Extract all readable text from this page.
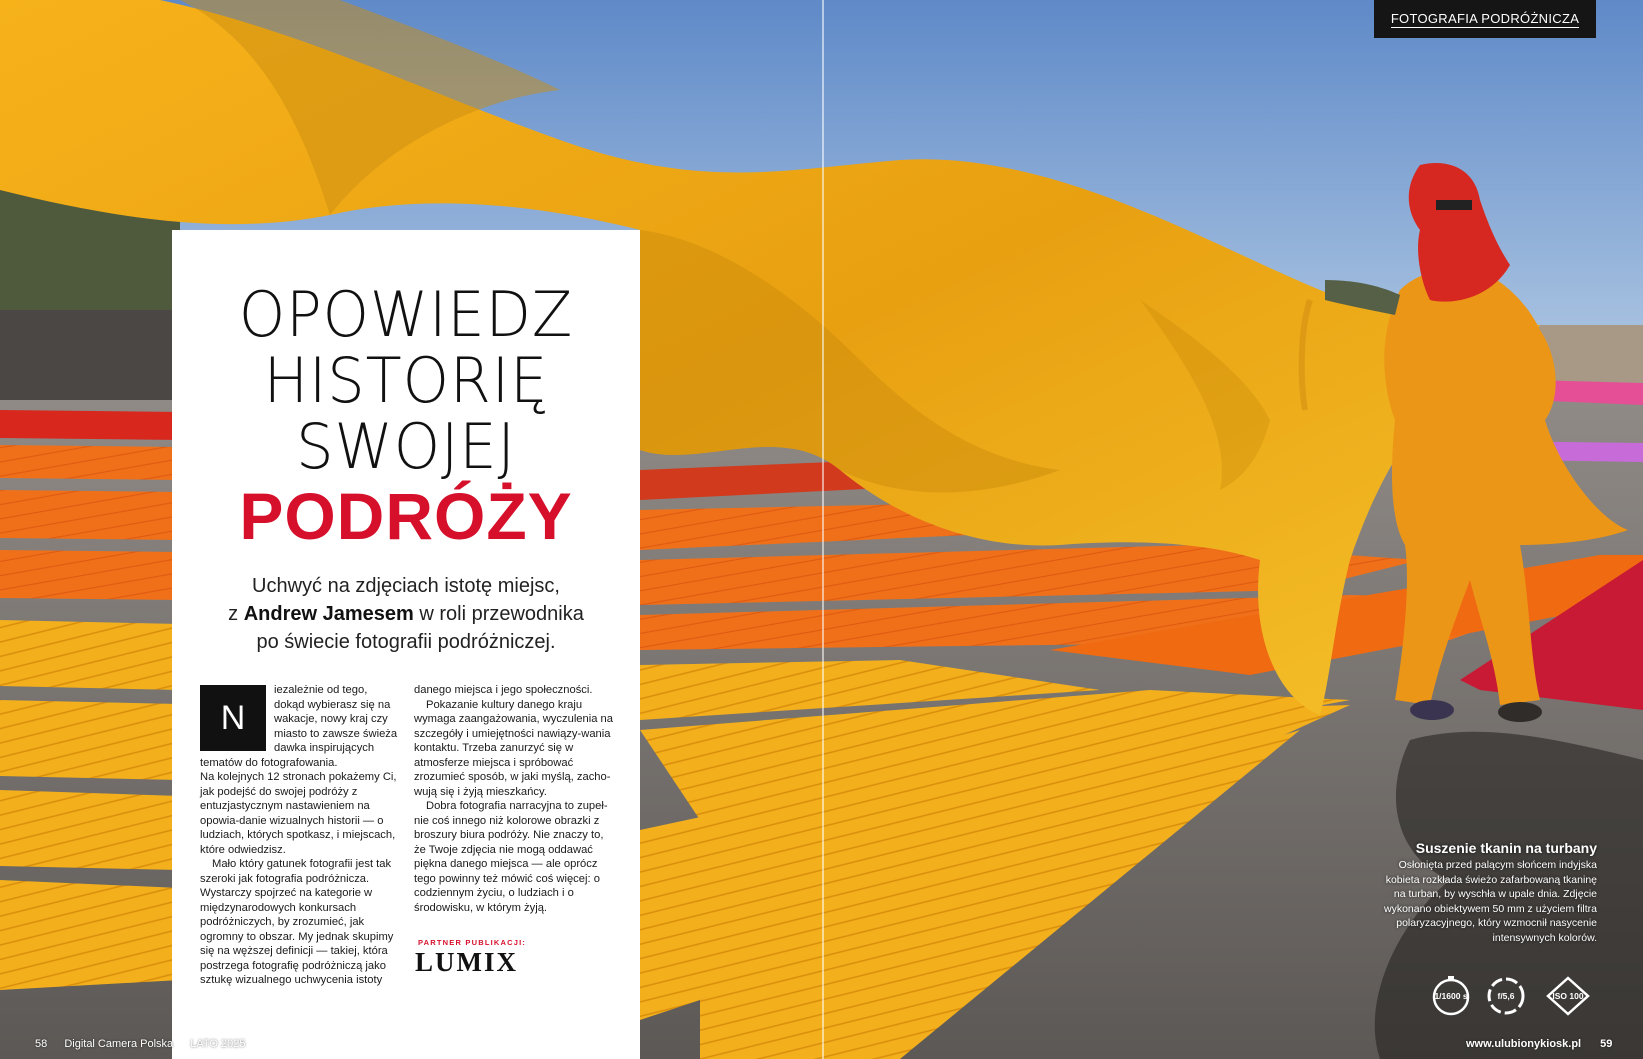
FOTOGRAFIA PODRÓŻNICZA
OPOWIEDZ
HISTORIĘ
SWOJEJ
PODRÓŻY
Uchwyć na zdjęciach istotę miejsc,
z Andrew Jamesem w roli przewodnika
po świecie fotografii podróżniczej.
N

iezależnie od tego, dokąd wybierasz się na wakacje, nowy kraj czy miasto to zawsze świeża dawka inspirujących tematów do fotografowania.

Na kolejnych 12 stronach pokażemy Ci, jak podejść do swojej podróży z entuzjastycznym nastawieniem na opowia-danie wizualnych historii — o ludziach, których spotkasz, i miejscach, które odwiedzisz.

Mało który gatunek fotografii jest tak szeroki jak fotografia podróżnicza. Wystarczy spojrzeć na kategorie w międzynarodowych konkursach podróżniczych, by zrozumieć, jak ogromny to obszar. My jednak skupimy się na węższej definicji — takiej, która postrzega fotografię podróżniczą jako sztukę wizualnego uchwycenia istoty

danego miejsca i jego społeczności.

Pokazanie kultury danego kraju wymaga zaangażowania, wyczulenia na szczegóły i umiejętności nawiązy-wania kontaktu. Trzeba zanurzyć się w atmosferze miejsca i spróbować zrozumieć sposób, w jaki myślą, zacho-wują się i żyją mieszkańcy.

Dobra fotografia narracyjna to zupeł-nie coś innego niż kolorowe obrazki z broszury biura podróży. Nie znaczy to, że Twoje zdjęcia nie mogą oddawać piękna danego miejsca — ale oprócz tego powinny też mówić coś więcej: o codziennym życiu, o ludziach i o środowisku, w którym żyją.

PARTNER PUBLIKACJI:
LUMIX
Suszenie tkanin na turbany
Osłonięta przed palącym słońcem indyjska kobieta rozkłada świeżo zafarbowaną tkaninę na turban, by wyschła w upale dnia. Zdjęcie wykonano obiektywem 50 mm z użyciem filtra polaryzacyjnego, który wzmocnił nasycenie intensywnych kolorów.
1/1600 s	f/5,6	ISO 100
58 Digital Camera Polska LATO 2025	www.ulubionykiosk.pl 59
